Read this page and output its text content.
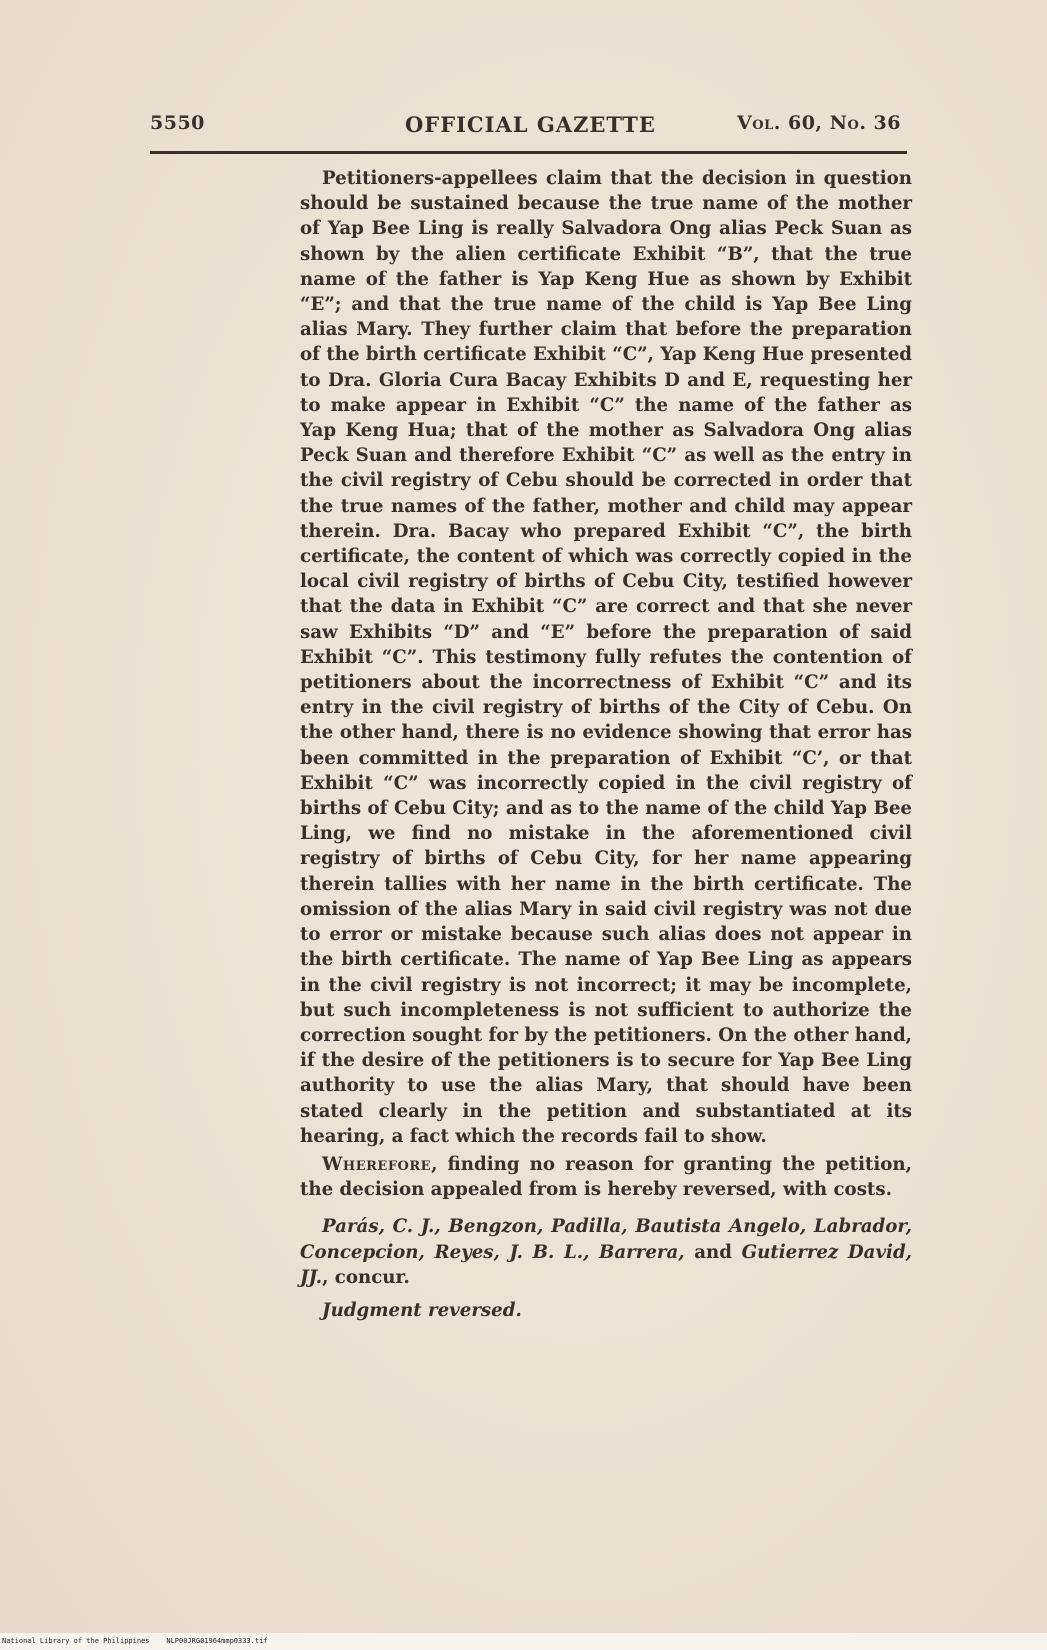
5550	OFFICIAL GAZETTE	Vol. 60, No. 36

Petitioners-appellees claim that the decision in question should be sustained because the true name of the mother of Yap Bee Ling is really Salvadora Ong alias Peck Suan as shown by the alien certificate Exhibit “B”, that the true name of the father is Yap Keng Hue as shown by Exhibit “E”; and that the true name of the child is Yap Bee Ling alias Mary. They further claim that before the preparation of the birth certificate Exhibit “C”, Yap Keng Hue presented to Dra. Gloria Cura Bacay Exhibits D and E, requesting her to make appear in Exhibit “C” the name of the father as Yap Keng Hua; that of the mother as Salvadora Ong alias Peck Suan and therefore Exhibit “C” as well as the entry in the civil registry of Cebu should be corrected in order that the true names of the father, mother and child may appear therein. Dra. Bacay who prepared Exhibit “C”, the birth certificate, the content of which was correctly copied in the local civil registry of births of Cebu City, testified however that the data in Exhibit “C” are correct and that she never saw Exhibits “D” and “E” before the preparation of said Exhibit “C”. This testimony fully refutes the contention of petitioners about the incorrectness of Exhibit “C” and its entry in the civil registry of births of the City of Cebu. On the other hand, there is no evidence showing that error has been committed in the preparation of Exhibit “C’, or that Exhibit “C” was incorrectly copied in the civil registry of births of Cebu City; and as to the name of the child Yap Bee Ling, we find no mistake in the aforementioned civil registry of births of Cebu City, for her name appearing therein tallies with her name in the birth certificate. The omission of the alias Mary in said civil registry was not due to error or mistake because such alias does not appear in the birth certificate. The name of Yap Bee Ling as appears in the civil registry is not incorrect; it may be incomplete, but such incompleteness is not sufficient to authorize the correction sought for by the petitioners. On the other hand, if the desire of the petitioners is to secure for Yap Bee Ling authority to use the alias Mary, that should have been stated clearly in the petition and substantiated at its hearing, a fact which the records fail to show.

Wherefore, finding no reason for granting the petition, the decision appealed from is hereby reversed, with costs.

Parás, C. J., Bengzon, Padilla, Bautista Angelo, Labrador, Concepcion, Reyes, J. B. L., Barrera, and Gutierrez David, JJ., concur.

Judgment reversed.

National Library of the Philippines    NLP00JRG01964mmp0333.tif
